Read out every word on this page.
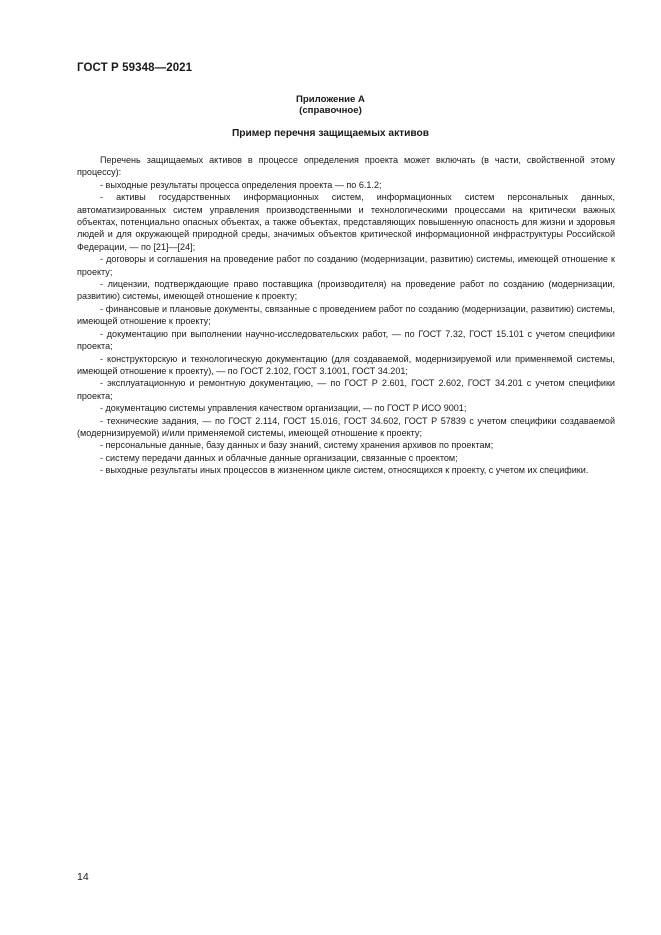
ГОСТ Р 59348—2021
Приложение А
(справочное)
Пример перечня защищаемых активов

Перечень защищаемых активов в процессе определения проекта может включать (в части, свойственной этому процессу):

- выходные результаты процесса определения проекта — по 6.1.2;

- активы государственных информационных систем, информационных систем персональных данных, автоматизированных систем управления производственными и технологическими процессами на критически важных объектах, потенциально опасных объектах, а также объектах, представляющих повышенную опасность для жизни и здоровья людей и для окружающей природной среды, значимых объектов критической информационной инфраструктуры Российской Федерации, — по [21]—[24];

- договоры и соглашения на проведение работ по созданию (модернизации, развитию) системы, имеющей отношение к проекту;

- лицензии, подтверждающие право поставщика (производителя) на проведение работ по созданию (модернизации, развитию) системы, имеющей отношение к проекту;

- финансовые и плановые документы, связанные с проведением работ по созданию (модернизации, развитию) системы, имеющей отношение к проекту;

- документацию при выполнении научно-исследовательских работ, — по ГОСТ 7.32, ГОСТ 15.101 с учетом специфики проекта;

- конструкторскую и технологическую документацию (для создаваемой, модернизируемой или применяемой системы, имеющей отношение к проекту), — по ГОСТ 2.102, ГОСТ 3.1001, ГОСТ 34.201;

- эксплуатационную и ремонтную документацию, — по ГОСТ Р 2.601, ГОСТ 2.602, ГОСТ 34.201 с учетом специфики проекта;

- документацию системы управления качеством организации, — по ГОСТ Р ИСО 9001;

- технические задания, — по ГОСТ 2.114, ГОСТ 15.016, ГОСТ 34.602, ГОСТ Р 57839 с учетом специфики создаваемой (модернизируемой) и/или применяемой системы, имеющей отношение к проекту;

- персональные данные, базу данных и базу знаний, систему хранения архивов по проектам;

- систему передачи данных и облачные данные организации, связанные с проектом;

- выходные результаты иных процессов в жизненном цикле систем, относящихся к проекту, с учетом их специфики.

14
